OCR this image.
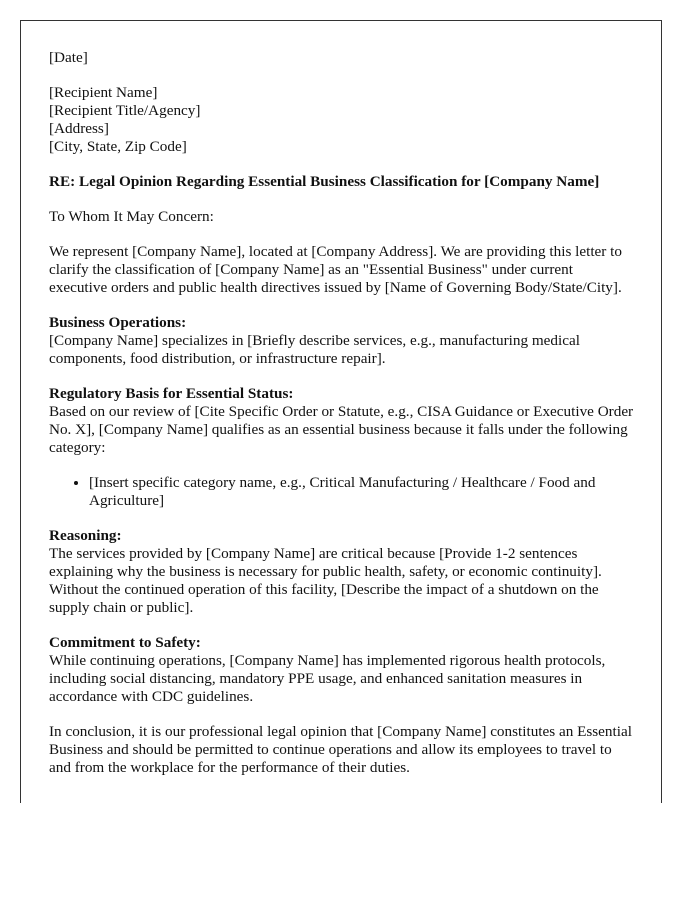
[Date]

[Recipient Name]
[Recipient Title/Agency]
[Address]
[City, State, Zip Code]

RE: Legal Opinion Regarding Essential Business Classification for [Company Name]

To Whom It May Concern:

We represent [Company Name], located at [Company Address]. We are providing this letter to clarify the classification of [Company Name] as an "Essential Business" under current executive orders and public health directives issued by [Name of Governing Body/State/City].

Business Operations:
[Company Name] specializes in [Briefly describe services, e.g., manufacturing medical components, food distribution, or infrastructure repair].

Regulatory Basis for Essential Status:
Based on our review of [Cite Specific Order or Statute, e.g., CISA Guidance or Executive Order No. X], [Company Name] qualifies as an essential business because it falls under the following category:

• [Insert specific category name, e.g., Critical Manufacturing / Healthcare / Food and Agriculture]

Reasoning:
The services provided by [Company Name] are critical because [Provide 1-2 sentences explaining why the business is necessary for public health, safety, or economic continuity]. Without the continued operation of this facility, [Describe the impact of a shutdown on the supply chain or public].

Commitment to Safety:
While continuing operations, [Company Name] has implemented rigorous health protocols, including social distancing, mandatory PPE usage, and enhanced sanitation measures in accordance with CDC guidelines.

In conclusion, it is our professional legal opinion that [Company Name] constitutes an Essential Business and should be permitted to continue operations and allow its employees to travel to and from the workplace for the performance of their duties.
